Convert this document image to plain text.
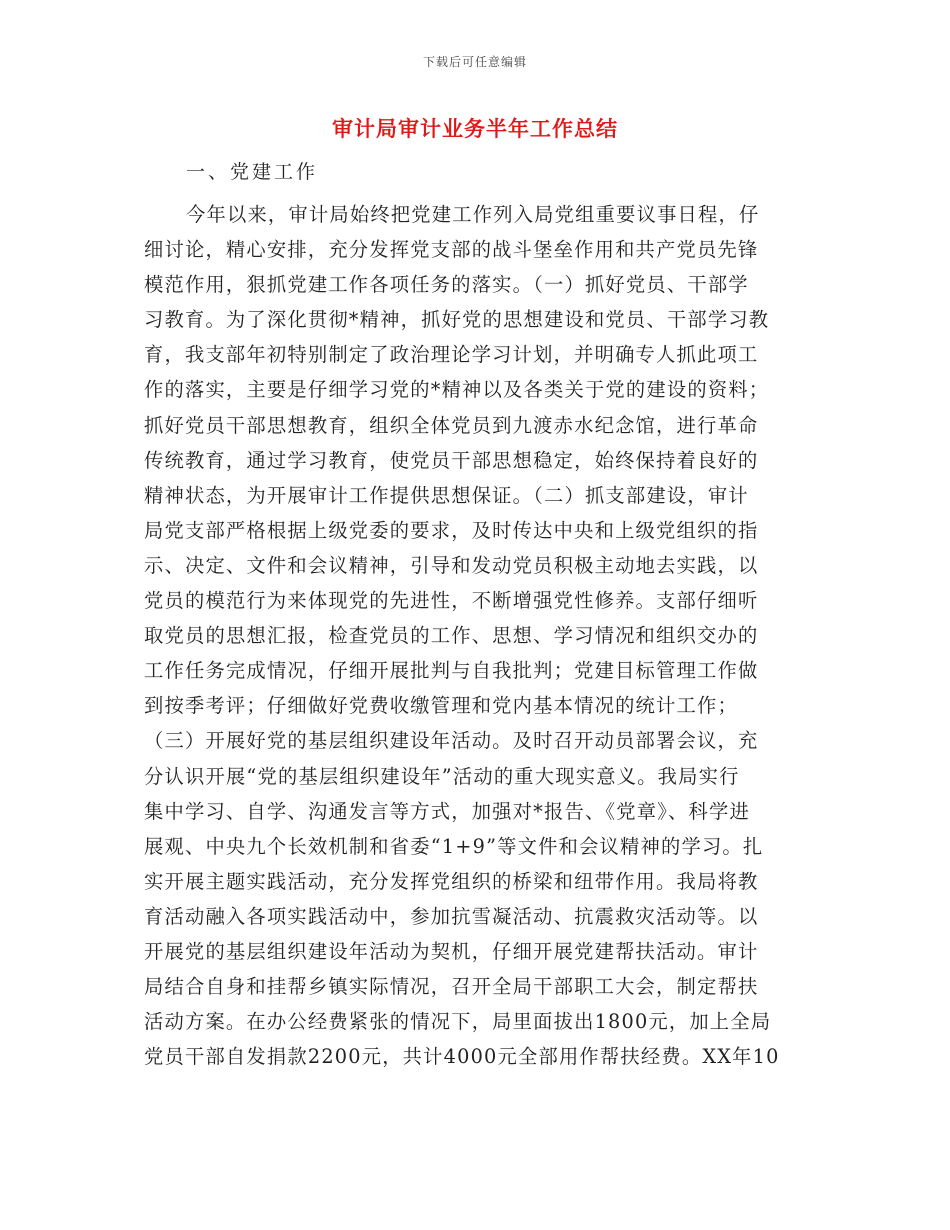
下载后可任意编辑
审计局审计业务半年工作总结
一、党建工作

今年以来，审计局始终把党建工作列入局党组重要议事日程，仔
细讨论，精心安排，充分发挥党支部的战斗堡垒作用和共产党员先锋
模范作用，狠抓党建工作各项任务的落实。（一）抓好党员、干部学
习教育。为了深化贯彻*精神，抓好党的思想建设和党员、干部学习教
育，我支部年初特别制定了政治理论学习计划，并明确专人抓此项工
作的落实，主要是仔细学习党的*精神以及各类关于党的建设的资料；
抓好党员干部思想教育，组织全体党员到九渡赤水纪念馆，进行革命
传统教育，通过学习教育，使党员干部思想稳定，始终保持着良好的
精神状态，为开展审计工作提供思想保证。（二）抓支部建设，审计
局党支部严格根据上级党委的要求，及时传达中央和上级党组织的指
示、决定、文件和会议精神，引导和发动党员积极主动地去实践，以
党员的模范行为来体现党的先进性，不断增强党性修养。支部仔细听
取党员的思想汇报，检查党员的工作、思想、学习情况和组织交办的
工作任务完成情况，仔细开展批判与自我批判；党建目标管理工作做
到按季考评；仔细做好党费收缴管理和党内基本情况的统计工作；
（三）开展好党的基层组织建设年活动。及时召开动员部署会议，充
分认识开展“党的基层组织建设年”活动的重大现实意义。我局实行
集中学习、自学、沟通发言等方式，加强对*报告、《党章》、科学进
展观、中央九个长效机制和省委“1+9”等文件和会议精神的学习。扎
实开展主题实践活动，充分发挥党组织的桥梁和纽带作用。我局将教
育活动融入各项实践活动中，参加抗雪凝活动、抗震救灾活动等。以
开展党的基层组织建设年活动为契机，仔细开展党建帮扶活动。审计
局结合自身和挂帮乡镇实际情况，召开全局干部职工大会，制定帮扶
活动方案。在办公经费紧张的情况下，局里面拔出1800元，加上全局
党员干部自发捐款2200元，共计4000元全部用作帮扶经费。XX年10
